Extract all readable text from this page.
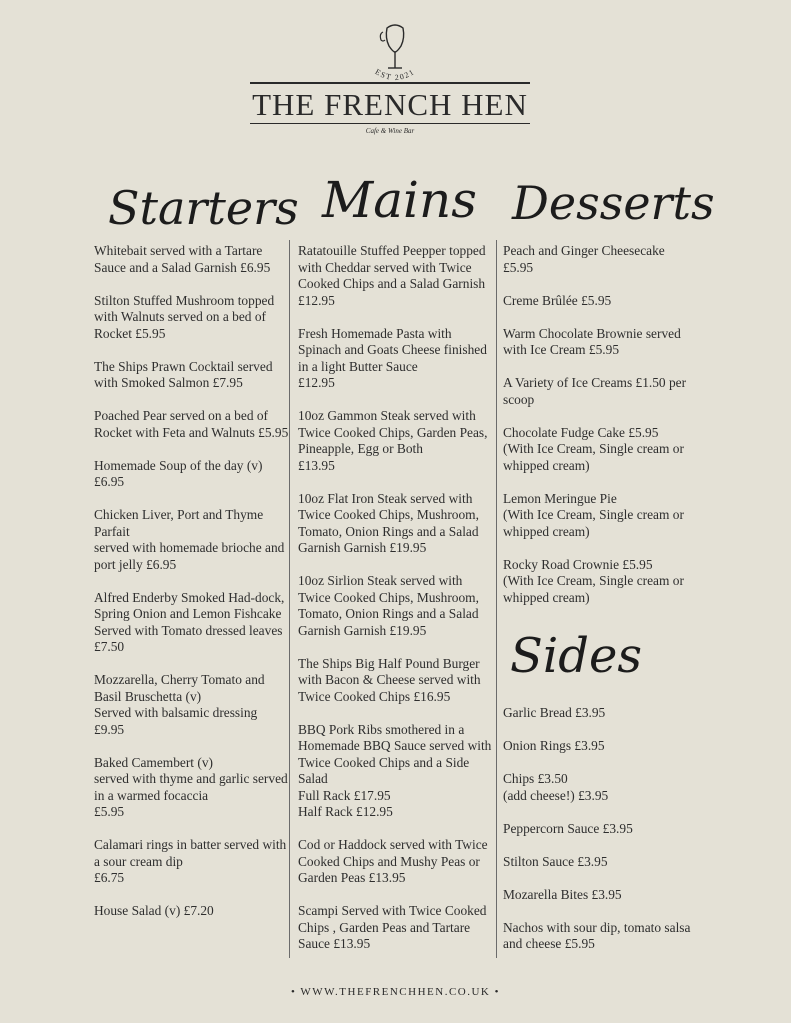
EST 2021
THE FRENCH HEN
Cafe & Wine Bar
Starters Mains Desserts
Sides
Whitebait served with a Tartare Sauce and a Salad Garnish £6.95
Stilton Stuffed Mushroom topped with Walnuts served on a bed of Rocket £5.95
The Ships Prawn Cocktail served with Smoked Salmon £7.95
Poached Pear served on a bed of Rocket with Feta and Walnuts £5.95
Homemade Soup of the day (v)
£6.95
Chicken Liver, Port and Thyme Parfait
served with homemade brioche and port jelly £6.95
Alfred Enderby Smoked Had-dock, Spring Onion and Lemon Fishcake
Served with Tomato dressed leaves £7.50
Mozzarella, Cherry Tomato and Basil Bruschetta (v)
Served with balsamic dressing
£9.95
Baked Camembert (v)
served with thyme and garlic served in a warmed focaccia
£5.95
Calamari rings in batter served with a sour cream dip
£6.75
House Salad (v) £7.20
Ratatouille Stuffed Peepper topped with Cheddar served with Twice Cooked Chips and a Salad Garnish £12.95
Fresh Homemade Pasta with Spinach and Goats Cheese finished in a light Butter Sauce
£12.95
10oz Gammon Steak served with Twice Cooked Chips, Garden Peas, Pineapple, Egg or Both
£13.95
10oz Flat Iron Steak served with Twice Cooked Chips, Mushroom, Tomato, Onion Rings and a Salad Garnish Garnish £19.95
10oz Sirlion Steak served with Twice Cooked Chips, Mushroom, Tomato, Onion Rings and a Salad Garnish Garnish £19.95
The Ships Big Half Pound Burger with Bacon & Cheese served with Twice Cooked Chips £16.95
BBQ Pork Ribs smothered in a Homemade BBQ Sauce served with Twice Cooked Chips and a Side Salad
Full Rack £17.95
Half Rack £12.95
Cod or Haddock served with Twice Cooked Chips and Mushy Peas or Garden Peas £13.95
Scampi Served with Twice Cooked Chips , Garden Peas and Tartare Sauce £13.95
Peach and Ginger Cheesecake
£5.95
Creme Brûlée £5.95
Warm Chocolate Brownie served with Ice Cream £5.95
A Variety of Ice Creams £1.50 per scoop
Chocolate Fudge Cake £5.95
(With Ice Cream, Single cream or whipped cream)
Lemon Meringue Pie
(With Ice Cream, Single cream or whipped cream)
Rocky Road Crownie £5.95
(With Ice Cream, Single cream or whipped cream)
Garlic Bread £3.95
Onion Rings £3.95
Chips £3.50
(add cheese!) £3.95
Peppercorn Sauce £3.95
Stilton Sauce £3.95
Mozarella Bites £3.95
Nachos with sour dip, tomato salsa and cheese £5.95
• WWW.THEFRENCHHEN.CO.UK •
